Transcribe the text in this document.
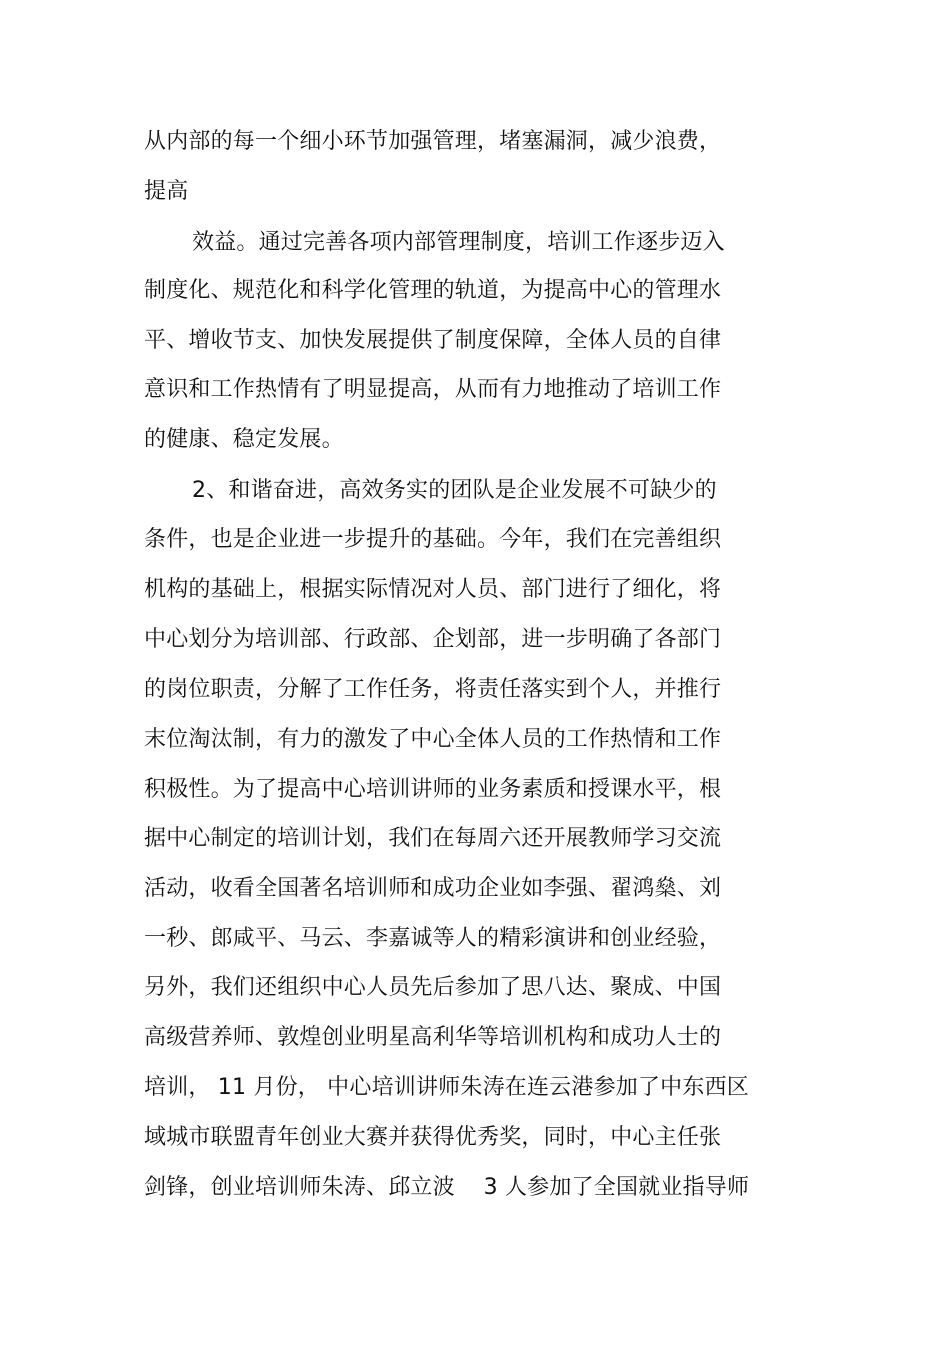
从内部的每一个细小环节加强管理，堵塞漏洞，减少浪费，
提高
效益。通过完善各项内部管理制度，培训工作逐步迈入
制度化、规范化和科学化管理的轨道，为提高中心的管理水
平、增收节支、加快发展提供了制度保障，全体人员的自律
意识和工作热情有了明显提高，从而有力地推动了培训工作
的健康、稳定发展。
2、和谐奋进，高效务实的团队是企业发展不可缺少的
条件，也是企业进一步提升的基础。今年，我们在完善组织
机构的基础上，根据实际情况对人员、部门进行了细化，将
中心划分为培训部、行政部、企划部，进一步明确了各部门
的岗位职责，分解了工作任务，将责任落实到个人，并推行
末位淘汰制，有力的激发了中心全体人员的工作热情和工作
积极性。为了提高中心培训讲师的业务素质和授课水平，根
据中心制定的培训计划，我们在每周六还开展教师学习交流
活动，收看全国著名培训师和成功企业如李强、翟鸿燊、刘
一秒、郎咸平、马云、李嘉诚等人的精彩演讲和创业经验，
另外，我们还组织中心人员先后参加了思八达、聚成、中国
高级营养师、敦煌创业明星高利华等培训机构和成功人士的
培训， 11 月份， 中心培训讲师朱涛在连云港参加了中东西区
域城市联盟青年创业大赛并获得优秀奖，同时，中心主任张
剑锋，创业培训师朱涛、邱立波    3 人参加了全国就业指导师
